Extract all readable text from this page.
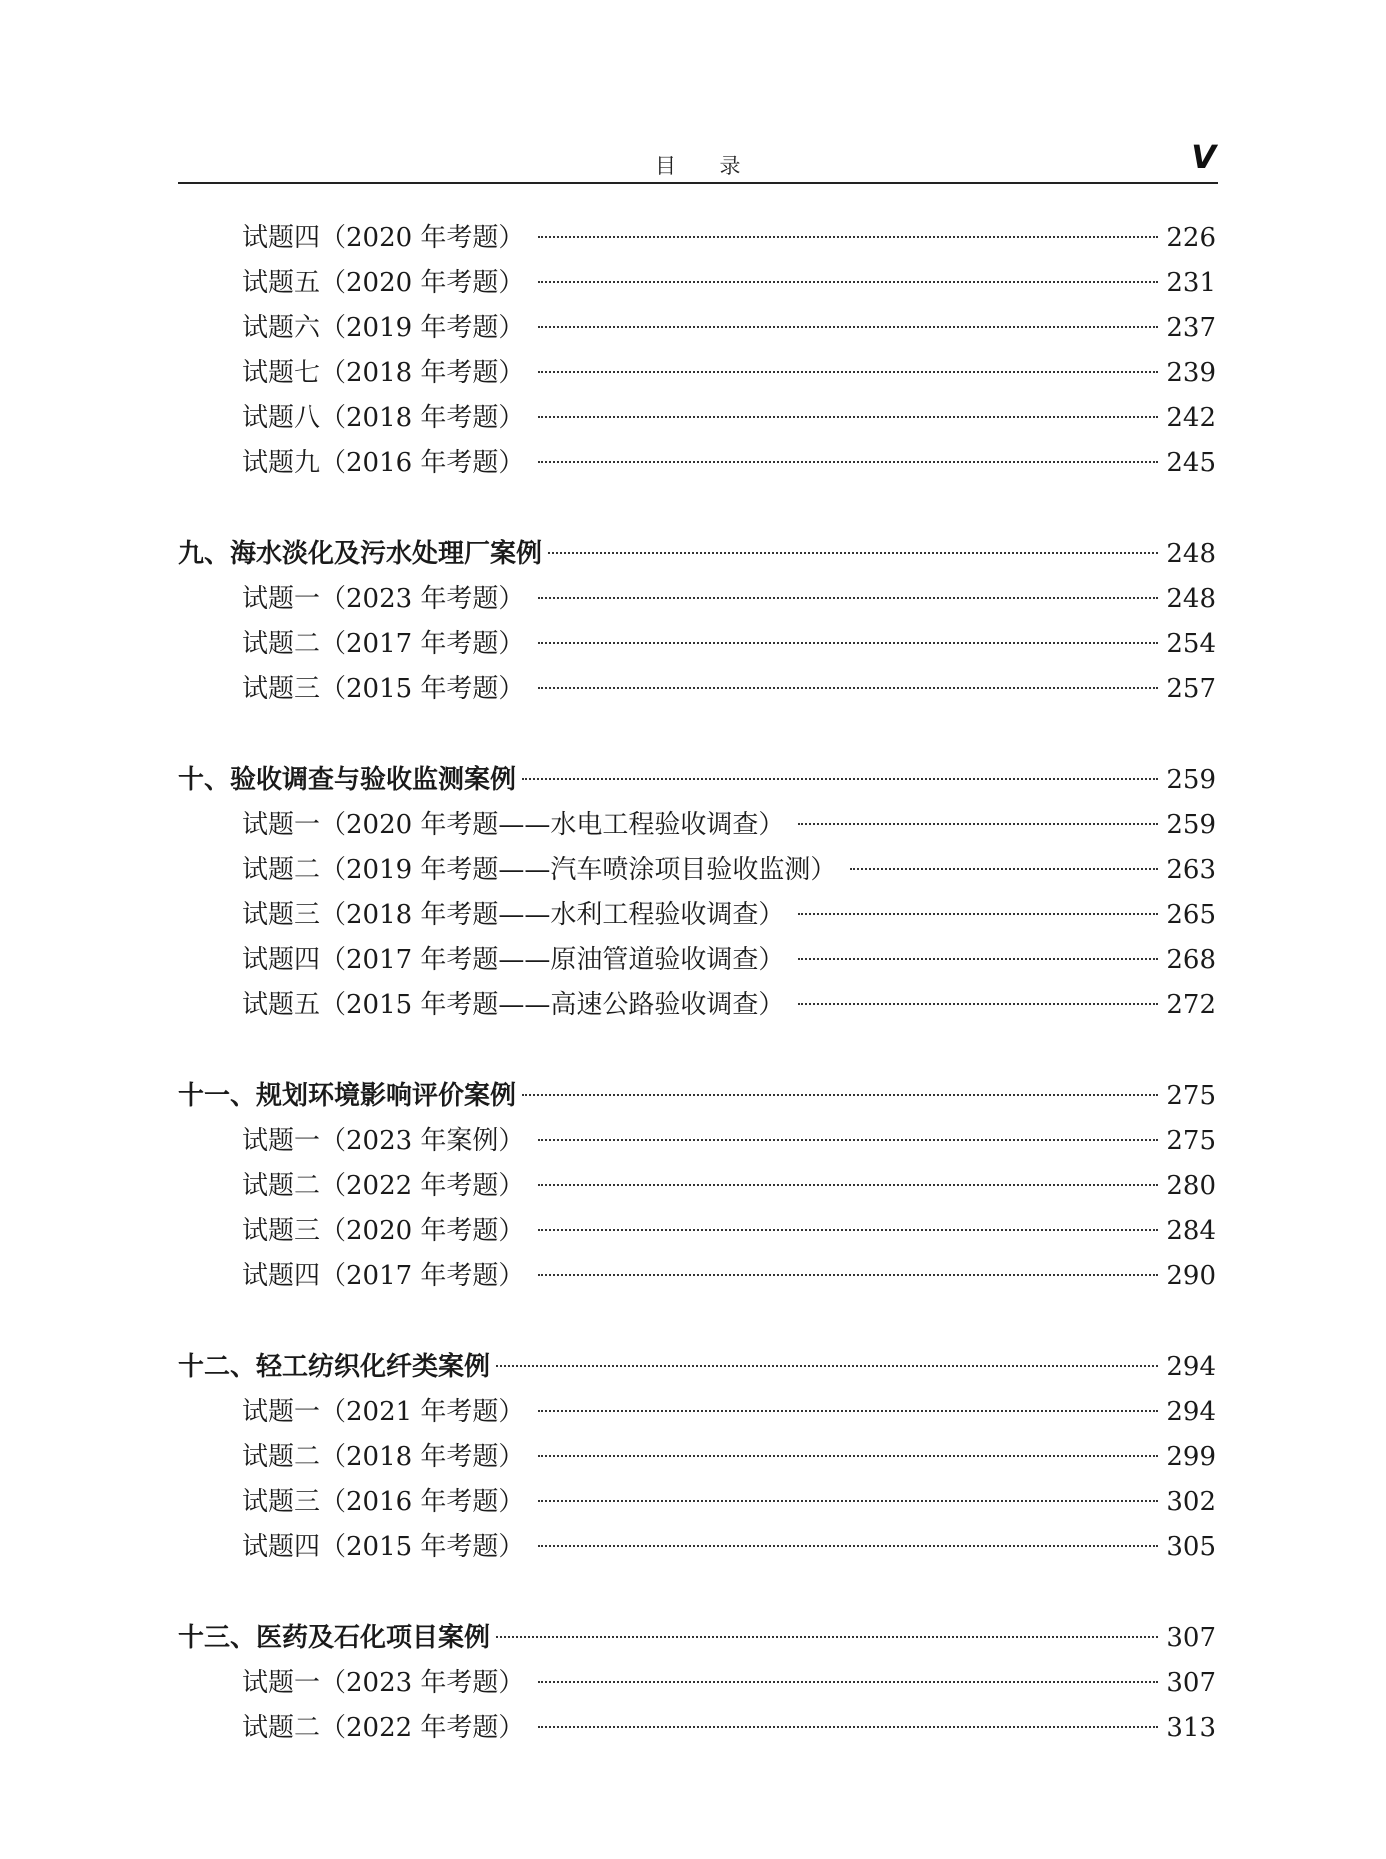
目　　录	V
试题四（2020 年考题）	226
试题五（2020 年考题）	231
试题六（2019 年考题）	237
试题七（2018 年考题）	239
试题八（2018 年考题）	242
试题九（2016 年考题）	245
九、海水淡化及污水处理厂案例	248
试题一（2023 年考题）	248
试题二（2017 年考题）	254
试题三（2015 年考题）	257
十、验收调查与验收监测案例	259
试题一（2020 年考题——水电工程验收调查）	259
试题二（2019 年考题——汽车喷涂项目验收监测）	263
试题三（2018 年考题——水利工程验收调查）	265
试题四（2017 年考题——原油管道验收调查）	268
试题五（2015 年考题——高速公路验收调查）	272
十一、规划环境影响评价案例	275
试题一（2023 年案例）	275
试题二（2022 年考题）	280
试题三（2020 年考题）	284
试题四（2017 年考题）	290
十二、轻工纺织化纤类案例	294
试题一（2021 年考题）	294
试题二（2018 年考题）	299
试题三（2016 年考题）	302
试题四（2015 年考题）	305
十三、医药及石化项目案例	307
试题一（2023 年考题）	307
试题二（2022 年考题）	313
